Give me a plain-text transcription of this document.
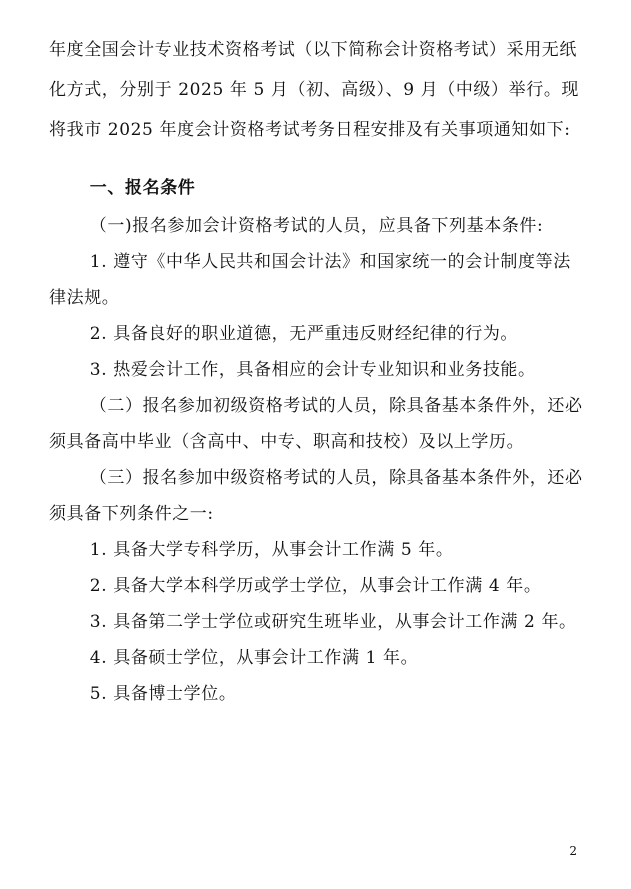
年度全国会计专业技术资格考试（以下简称会计资格考试）采用无纸化方式，分别于 2025 年 5 月（初、高级）、9 月（中级）举行。现将我市 2025 年度会计资格考试考务日程安排及有关事项通知如下:

一、报名条件

（一)报名参加会计资格考试的人员，应具备下列基本条件:

1. 遵守《中华人民共和国会计法》和国家统一的会计制度等法律法规。

2. 具备良好的职业道德，无严重违反财经纪律的行为。

3. 热爱会计工作，具备相应的会计专业知识和业务技能。

（二）报名参加初级资格考试的人员，除具备基本条件外，还必须具备高中毕业（含高中、中专、职高和技校）及以上学历。

（三）报名参加中级资格考试的人员，除具备基本条件外，还必须具备下列条件之一:

1. 具备大学专科学历，从事会计工作满 5 年。

2. 具备大学本科学历或学士学位，从事会计工作满 4 年。

3. 具备第二学士学位或研究生班毕业，从事会计工作满 2 年。

4. 具备硕士学位，从事会计工作满 1 年。

5. 具备博士学位。

2
